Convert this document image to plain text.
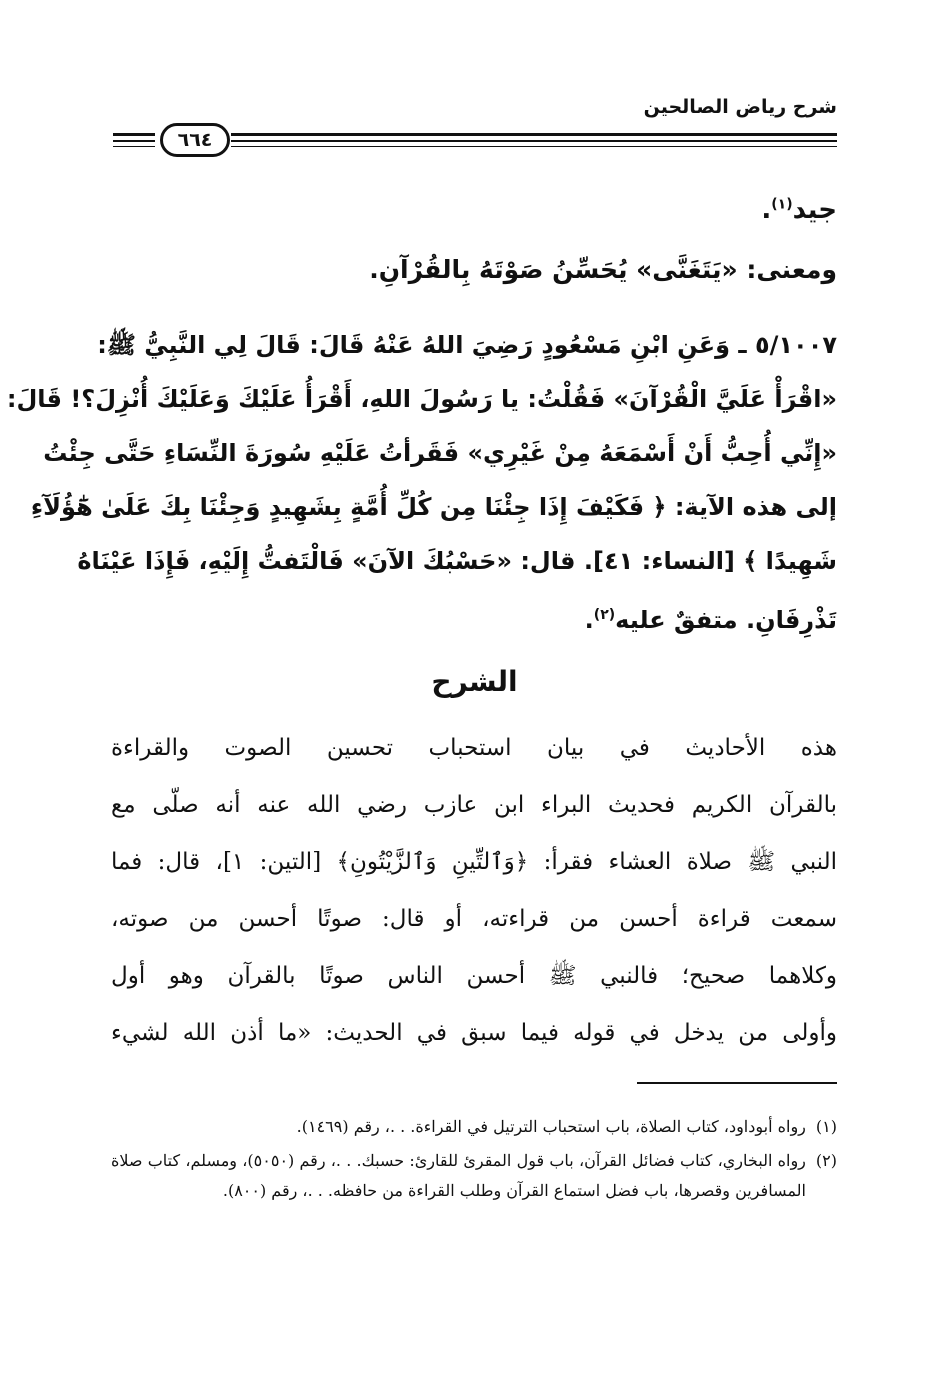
شرح رياض الصالحين
٦٦٤
جيد$^{(١)}$.
ومعنى: «يَتَغَنَّى» يُحَسِّنُ صَوْتَهُ بِالقُرْآنِ.
٥/١٠٠٧ ـ وَعَنِ ابْنِ مَسْعُودٍ رَضِيَ اللهُ عَنْهُ قَالَ: قَالَ لِي النَّبِيُّ ﷺ:
«اقْرَأْ عَلَيَّ الْقُرْآنَ» فَقُلْتُ: يا رَسُولَ اللهِ، أَقْرَأُ عَلَيْكَ وَعَلَيْكَ أُنْزِلَ؟! قَالَ:
«إِنِّي أُحِبُّ أَنْ أَسْمَعَهُ مِنْ غَيْرِي» فَقَرأتُ عَلَيْهِ سُورَةَ النِّسَاءِ حَتَّى جِئْتُ
إلى هذه الآية: ﴿ فَكَيْفَ إِذَا جِئْنَا مِن كُلِّ أُمَّةٍ بِشَهِيدٍ وَجِئْنَا بِكَ عَلَىٰ هَٰٓؤُلَآءِ
شَهِيدًا ﴾ [النساء: ٤١]. قال: «حَسْبُكَ الآنَ» فَالْتَفتُّ إِلَيْهِ، فَإِذَا عَيْنَاهُ
تَذْرِفَانِ. متفقٌ عليه$^{(٢)}$.
الشرح
هذه الأحاديث في بيان استحباب تحسين الصوت والقراءة
بالقرآن الكريم فحديث البراء ابن عازب رضي الله عنه أنه صلّى مع
النبي ﷺ صلاة العشاء فقرأ: ﴿وَٱلتِّينِ وَٱلزَّيْتُونِ﴾ [التين: ١]، قال: فما
سمعت قراءة أحسن من قراءته، أو قال: صوتًا أحسن من صوته،
وكلاهما صحيح؛ فالنبي ﷺ أحسن الناس صوتًا بالقرآن وهو أول
وأولى من يدخل في قوله فيما سبق في الحديث: «ما أذن الله لشيء
(١)
رواه أبوداود، كتاب الصلاة، باب استحباب الترتيل في القراءة. . .، رقم (١٤٦٩).
(٢)
رواه البخاري، كتاب فضائل القرآن، باب قول المقرئ للقارئ: حسبك. . .، رقم (٥٠٥٠)، ومسلم، كتاب صلاة المسافرين وقصرها، باب فضل استماع القرآن وطلب القراءة من حافظه. . .، رقم (٨٠٠).
